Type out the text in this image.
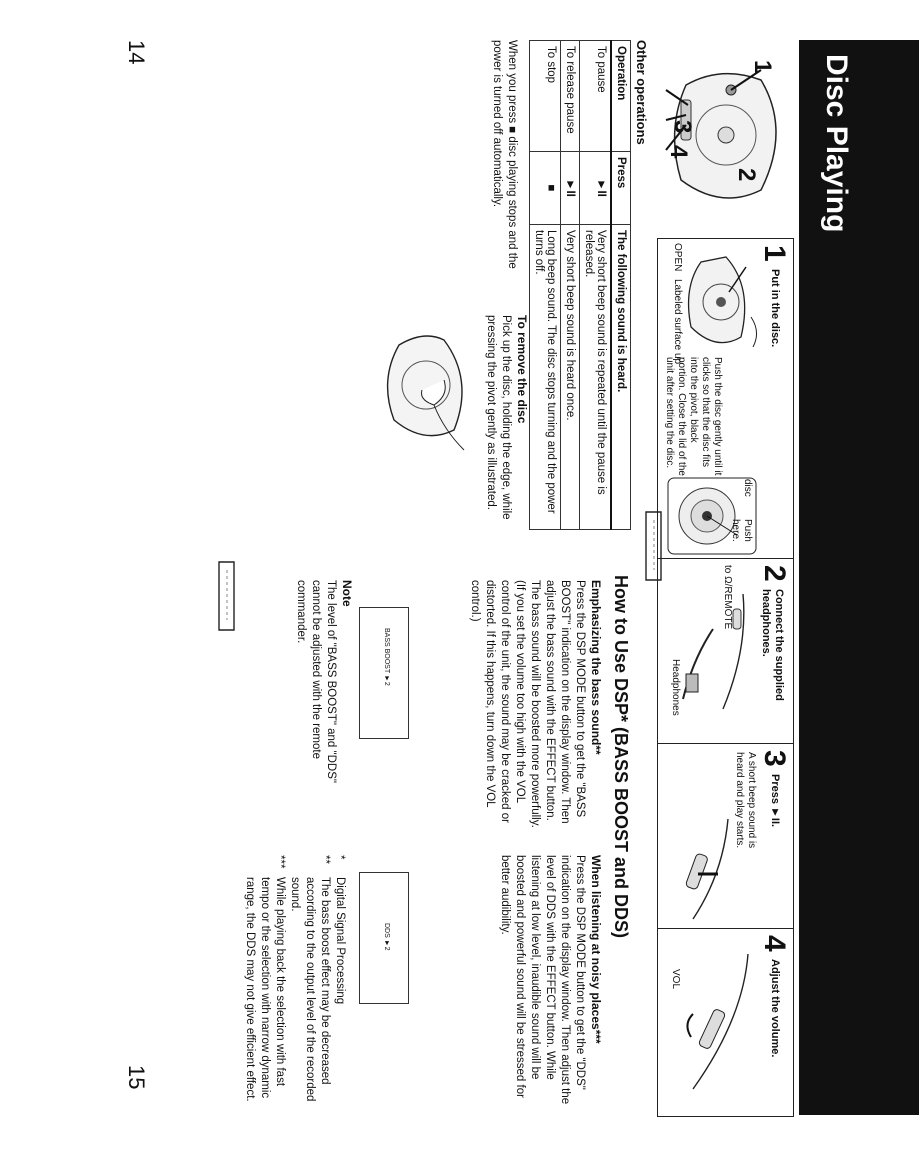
Disc Playing
14
15
1
2
3
4
Other operations
Operation	Press	The following sound is heard.
To pause	►II	Very short beep sound is repeated until the pause is released.
To release pause	►II	Very short beep sound is heard once.
To stop	■	Long beep sound. The disc stops turning and the power turns off.
When you press ■ disc playing stops and the power is turned off automatically.
To remove the disc
Pick up the disc, holding the edge, while pressing the pivot gently as illustrated.
1
Put in the disc.
OPEN
Labeled surface up
Push the disc gently until it clicks so that the disc fits into the pivot, black portion. Close the lid of the unit after setting the disc.
disc
Push here.
2
Connect the supplied headphones.
to Ω/REMOTE
Headphones
3
Press ►II.
A short beep sound is heard and play starts.
4
Adjust the volume.
VOL
How to Use DSP* (BASS BOOST and DDS)
Emphasizing the bass sound**
Press the DSP MODE button to get the "BASS BOOST" indication on the display window. Then adjust the bass sound with the EFFECT button. The bass sound will be boosted more powerfully. (If you set the volume too high with the VOL control of the unit, the sound may be cracked or distorted. If this happens, turn down the VOL control.)
When listening at noisy places***
Press the DSP MODE button to get the "DDS" indication on the display window. Then adjust the level of DDS with the EFFECT button. While listening at low level, inaudible sound will be boosted and powerful sound will be stressed for better audibility.
BASS BOOST ►2
DDS ►2
Note
The level of "BASS BOOST" and "DDS" cannot be adjusted with the remote commander.
*
Digital Signal Processing
**
The bass boost effect may be decreased according to the output level of the recorded sound.
***
While playing back the selection with fast tempo or the selection with narrow dynamic range, the DDS may not give efficient effect.
